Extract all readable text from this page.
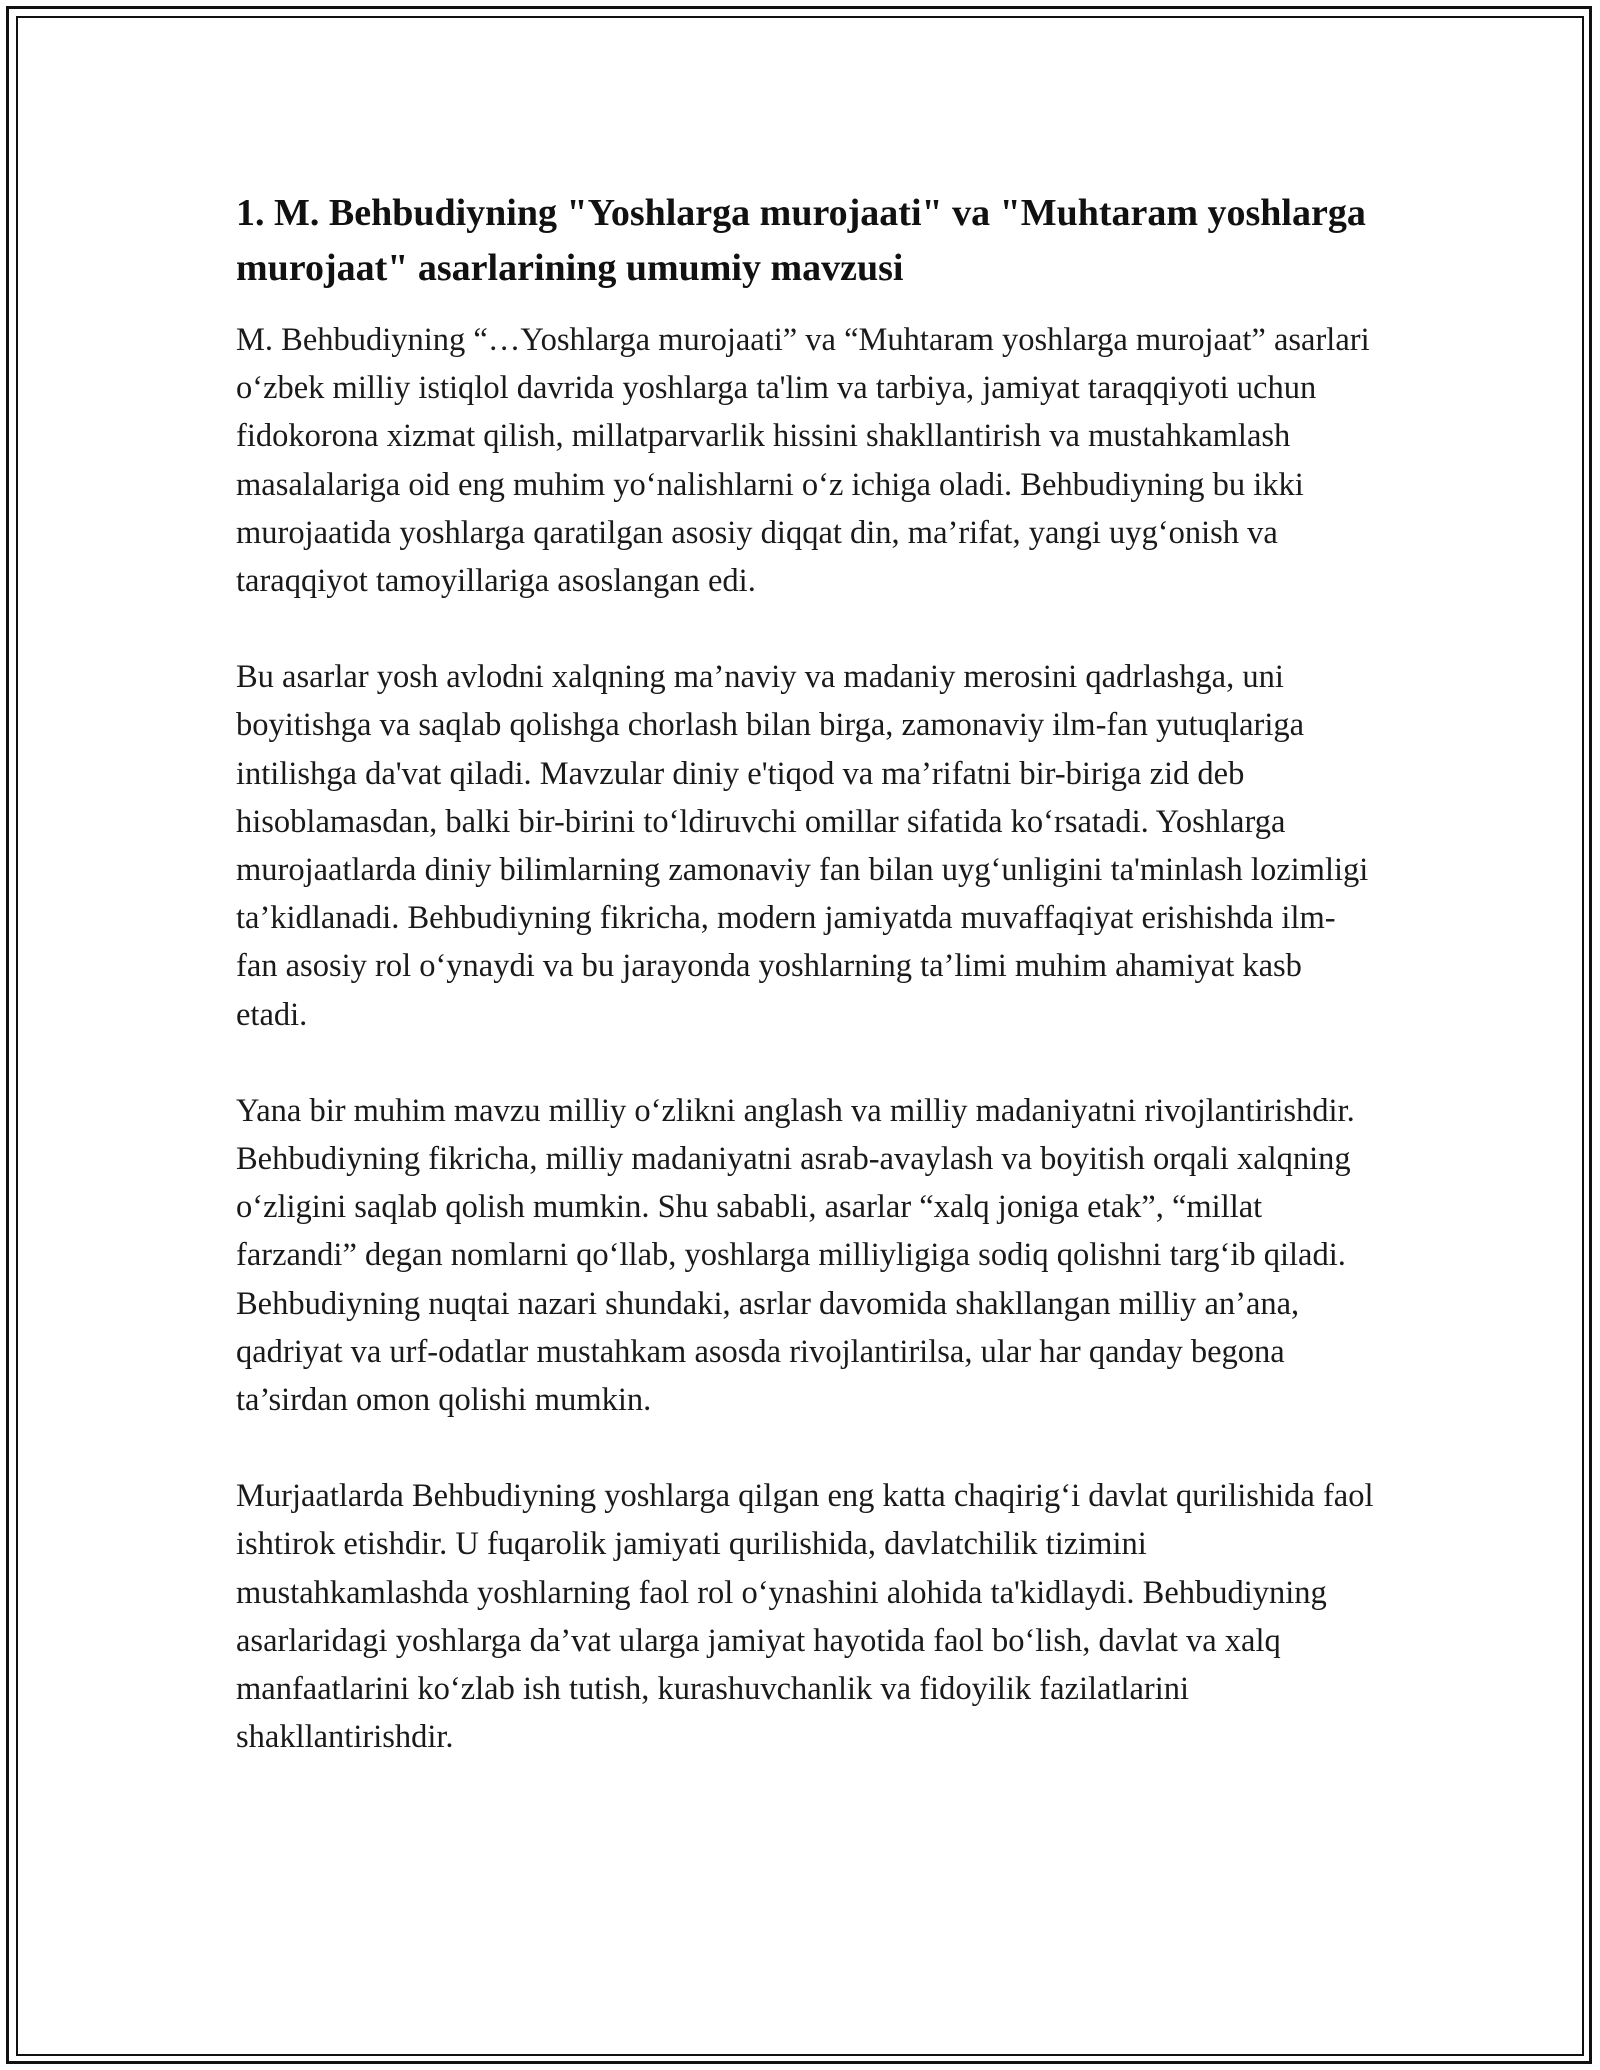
1. M. Behbudiyning "Yoshlarga murojaati" va "Muhtaram yoshlarga murojaat" asarlarining umumiy mavzusi

M. Behbudiyning “…Yoshlarga murojaati” va “Muhtaram yoshlarga murojaat” asarlari o‘zbek milliy istiqlol davrida yoshlarga ta'lim va tarbiya, jamiyat taraqqiyoti uchun fidokorona xizmat qilish, millatparvarlik hissini shakllantirish va mustahkamlash masalalariga oid eng muhim yo‘nalishlarni o‘z ichiga oladi. Behbudiyning bu ikki murojaatida yoshlarga qaratilgan asosiy diqqat din, ma’rifat, yangi uyg‘onish va taraqqiyot tamoyillariga asoslangan edi.

Bu asarlar yosh avlodni xalqning ma’naviy va madaniy merosini qadrlashga, uni boyitishga va saqlab qolishga chorlash bilan birga, zamonaviy ilm-fan yutuqlariga intilishga da'vat qiladi. Mavzular diniy e'tiqod va ma’rifatni bir-biriga zid deb hisoblamasdan, balki bir-birini to‘ldiruvchi omillar sifatida ko‘rsatadi. Yoshlarga murojaatlarda diniy bilimlarning zamonaviy fan bilan uyg‘unligini ta'minlash lozimligi ta’kidlanadi. Behbudiyning fikricha, modern jamiyatda muvaffaqiyat erishishda ilm-fan asosiy rol o‘ynaydi va bu jarayonda yoshlarning ta’limi muhim ahamiyat kasb etadi.

Yana bir muhim mavzu milliy o‘zlikni anglash va milliy madaniyatni rivojlantirishdir. Behbudiyning fikricha, milliy madaniyatni asrab-avaylash va boyitish orqali xalqning o‘zligini saqlab qolish mumkin. Shu sababli, asarlar “xalq joniga etak”, “millat farzandi” degan nomlarni qo‘llab, yoshlarga milliyligiga sodiq qolishni targ‘ib qiladi. Behbudiyning nuqtai nazari shundaki, asrlar davomida shakllangan milliy an’ana, qadriyat va urf-odatlar mustahkam asosda rivojlantirilsa, ular har qanday begona ta’sirdan omon qolishi mumkin.

Murjaatlarda Behbudiyning yoshlarga qilgan eng katta chaqirig‘i davlat qurilishida faol ishtirok etishdir. U fuqarolik jamiyati qurilishida, davlatchilik tizimini mustahkamlashda yoshlarning faol rol o‘ynashini alohida ta'kidlaydi. Behbudiyning asarlaridagi yoshlarga da’vat ularga jamiyat hayotida faol bo‘lish, davlat va xalq manfaatlarini ko‘zlab ish tutish, kurashuvchanlik va fidoyilik fazilatlarini shakllantirishdir.
